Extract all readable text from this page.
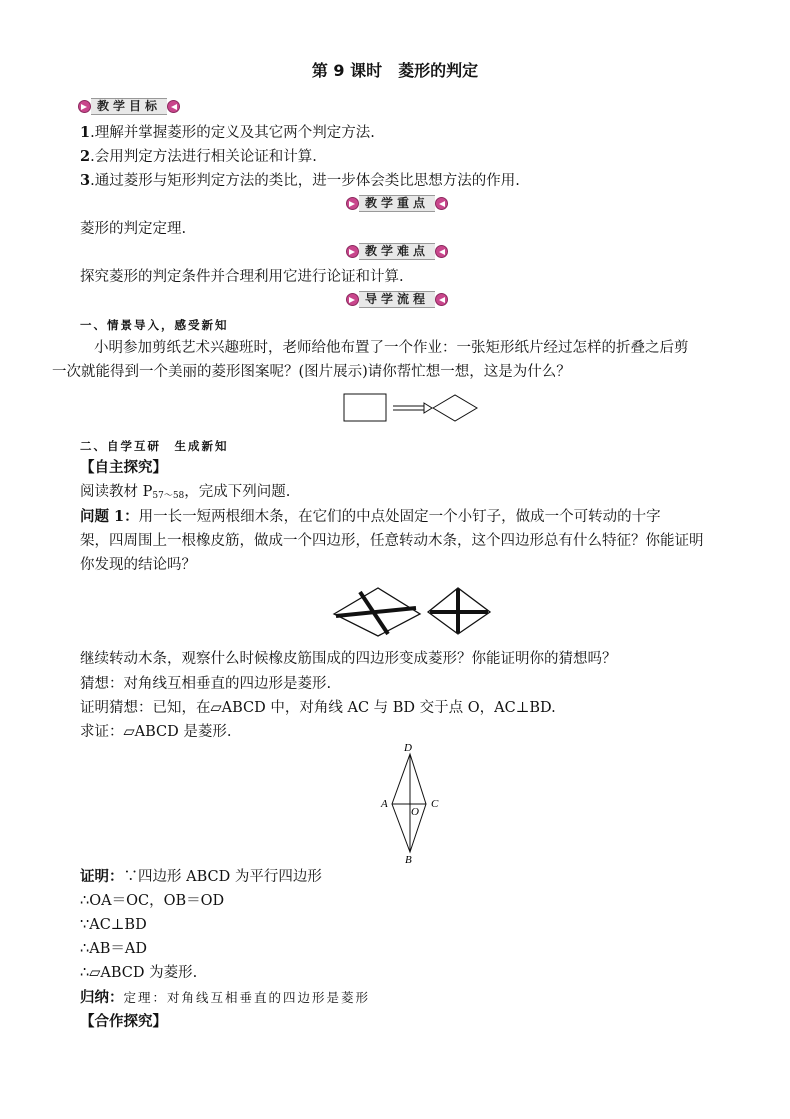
第 9 课时　菱形的判定
教学目标
1.理解并掌握菱形的定义及其它两个判定方法.
2.会用判定方法进行相关论证和计算.
3.通过菱形与矩形判定方法的类比，进一步体会类比思想方法的作用.
教学重点
菱形的判定定理.
教学难点
探究菱形的判定条件并合理利用它进行论证和计算.
导学流程
一、情景导入，感受新知
小明参加剪纸艺术兴趣班时，老师给他布置了一个作业：一张矩形纸片经过怎样的折叠之后剪
一次就能得到一个美丽的菱形图案呢？(图片展示)请你帮忙想一想，这是为什么？
二、自学互研　生成新知
【自主探究】
阅读教材 $P_{57\sim 58}$，完成下列问题.
问题 1：用一长一短两根细木条，在它们的中点处固定一个小钉子，做成一个可转动的十字
架，四周围上一根橡皮筋，做成一个四边形，任意转动木条，这个四边形总有什么特征？你能证明
你发现的结论吗？
继续转动木条，观察什么时候橡皮筋围成的四边形变成菱形？你能证明你的猜想吗？
猜想：对角线互相垂直的四边形是菱形.
证明猜想：已知，在▱ABCD 中，对角线 AC 与 BD 交于点 O，AC⊥BD.
求证：▱ABCD 是菱形.
D
A	C
O
B
证明：∵四边形 ABCD 为平行四边形
∴OA＝OC，OB＝OD
∵AC⊥BD
∴AB＝AD
∴▱ABCD 为菱形.
归纳：定理：对角线互相垂直的四边形是菱形
【合作探究】
